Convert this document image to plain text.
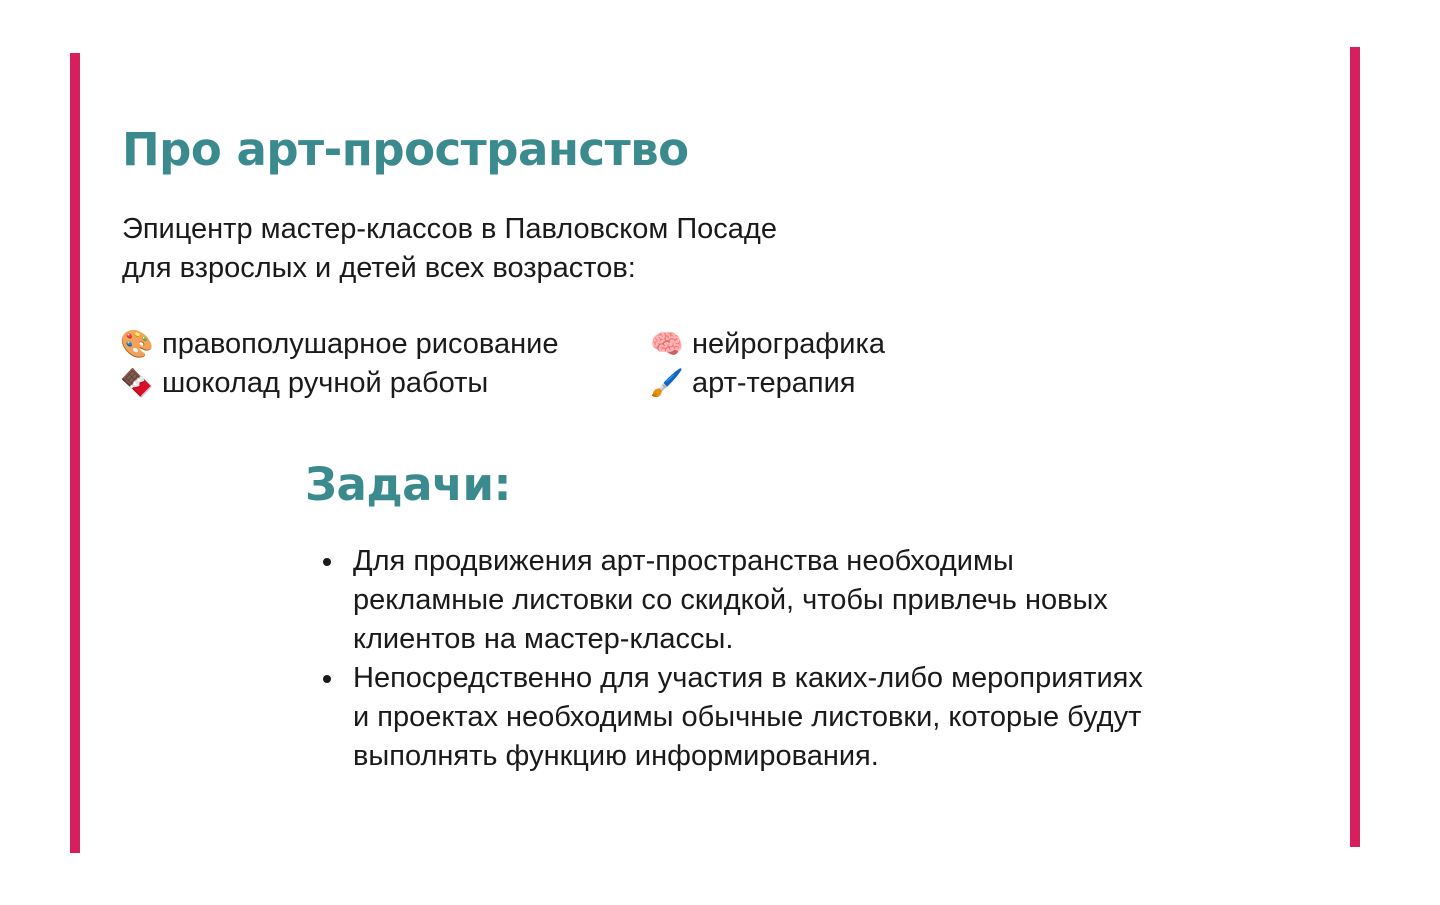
Про арт-пространство

Эпицентр мастер-классов в Павловском Посаде
для взрослых и детей всех возрастов:

🎨 правополушарное рисование	🧠 нейрографика
🍫 шоколад ручной работы	🖌️ арт-терапия
Задачи:
Для продвижения арт-пространства необходимы
рекламные листовки со скидкой, чтобы привлечь новых
клиентов на мастер-классы.
Непосредственно для участия в каких-либо мероприятиях
и проектах необходимы обычные листовки, которые будут
выполнять функцию информирования.
